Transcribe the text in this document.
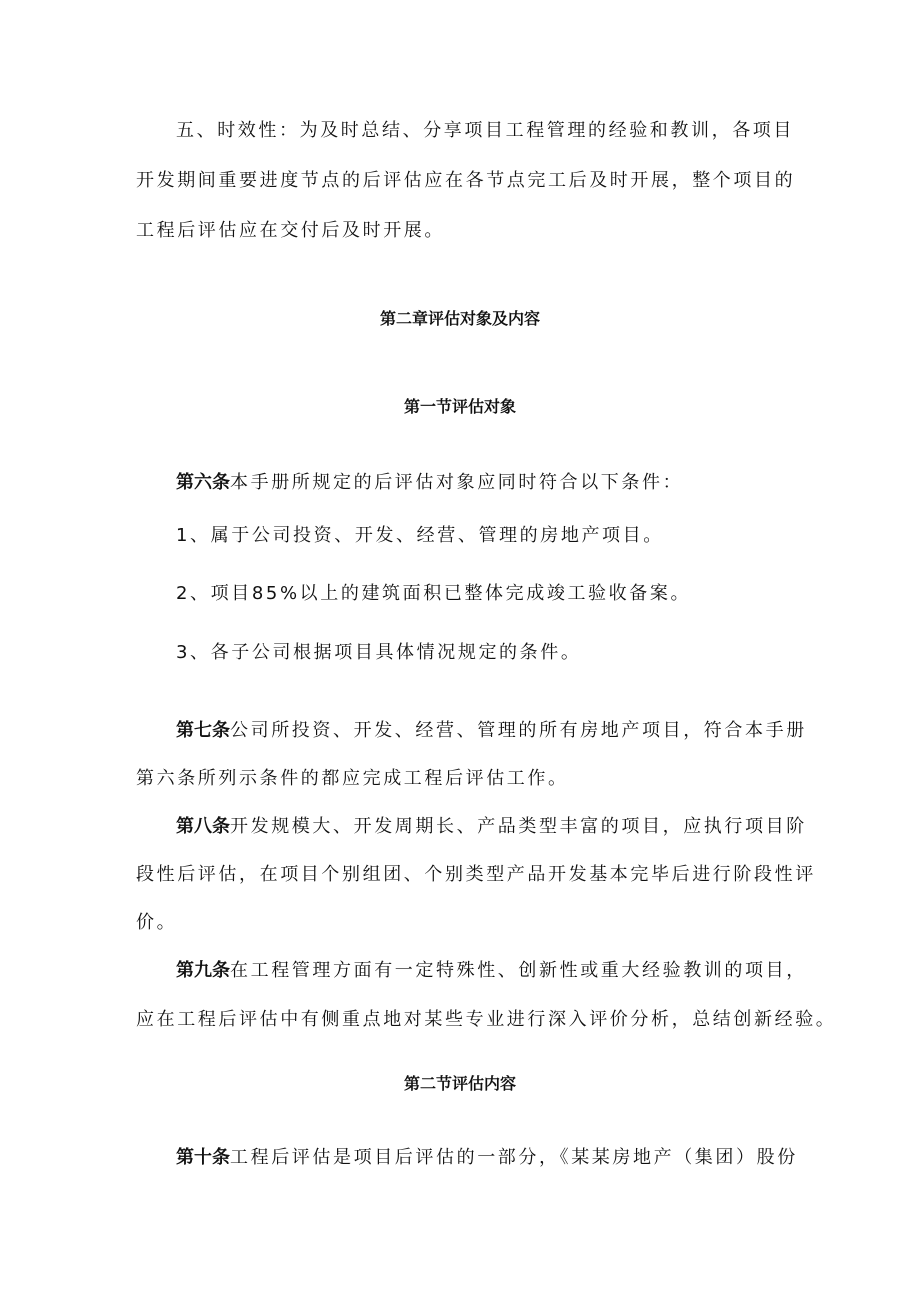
五、时效性：为及时总结、分享项目工程管理的经验和教训，各项目
开发期间重要进度节点的后评估应在各节点完工后及时开展，整个项目的
工程后评估应在交付后及时开展。
第二章评估对象及内容
第一节评估对象
第六条本手册所规定的后评估对象应同时符合以下条件：
1、属于公司投资、开发、经营、管理的房地产项目。
2、项目85%以上的建筑面积已整体完成竣工验收备案。
3、各子公司根据项目具体情况规定的条件。
第七条公司所投资、开发、经营、管理的所有房地产项目，符合本手册
第六条所列示条件的都应完成工程后评估工作。
第八条开发规模大、开发周期长、产品类型丰富的项目，应执行项目阶
段性后评估，在项目个别组团、个别类型产品开发基本完毕后进行阶段性评
价。
第九条在工程管理方面有一定特殊性、创新性或重大经验教训的项目，
应在工程后评估中有侧重点地对某些专业进行深入评价分析，总结创新经验。
第二节评估内容
第十条工程后评估是项目后评估的一部分，《某某房地产（集团）股份
